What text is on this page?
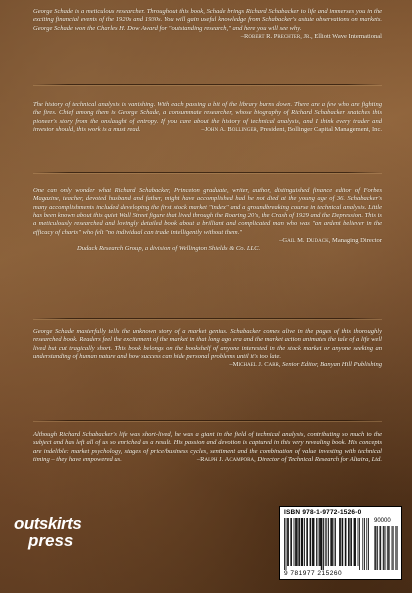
George Schade is a meticulous researcher. Throughout this book, Schade brings Richard Schabacker to life and immerses you in the exciting financial events of the 1920s and 1930s. You will gain useful knowledge from Schabacker's astute observations on markets. George Schade won the Charles H. Dow Award for "outstanding research," and here you will see why.
–Robert R. Prechter, Jr., Elliott Wave International

The history of technical analysis is vanishing. With each passing a bit of the library burns down. There are a few who are fighting the fires. Chief among them is George Schade, a consummate researcher, whose biography of Richard Schabacker snatches this pioneer's story from the onslaught of entropy. If you care about the history of technical analysis, and I think every trader and investor should, this work is a must read.	–John A. Bollinger, President, Bollinger Capital Management, Inc.

One can only wonder what Richard Schabacker, Princeton graduate, writer, author, distinguished finance editor of Forbes Magazine, teacher, devoted husband and father, might have accomplished had he not died at the young age of 36. Schabacker's many accomplishments included developing the first stock market "index" and a groundbreaking course in technical analysis. Little has been known about this quiet Wall Street figure that lived through the Roaring 20's, the Crash of 1929 and the Depression. This is a meticulously researched and lovingly detailed book about a brilliant and complicated man who was "an ardent believer in the efficacy of charts" who felt "no individual can trade intelligently without them."
–Gail M. Dudack, Managing Director
Dudack Research Group, a division of Wellington Shields & Co. LLC.

George Schade masterfully tells the unknown story of a market genius. Schabacker comes alive in the pages of this thoroughly researched book. Readers feel the excitement of the market in that long ago era and the market action animates the tale of a life well lived but cut tragically short. This book belongs on the bookshelf of anyone interested in the stock market or anyone seeking an understanding of human nature and how success can hide personal problems until it's too late.
–Michael J. Carr, Senior Editor, Banyan Hill Publishing

Although Richard Schabacker's life was short-lived, he was a giant in the field of technical analysis, contributing so much to the subject and has left all of us so enriched as a result. His passion and devotion is captured in this very revealing book. His concepts are indelible: market psychology, stages of price/business cycles, sentiment and the combination of value investing with technical timing – they have empowered us.	–Ralph J. Acampora, Director of Technical Research for Altaira, Ltd.

outskirts
press
ISBN 978-1-9772-1526-0
9 781977 215260
90000
